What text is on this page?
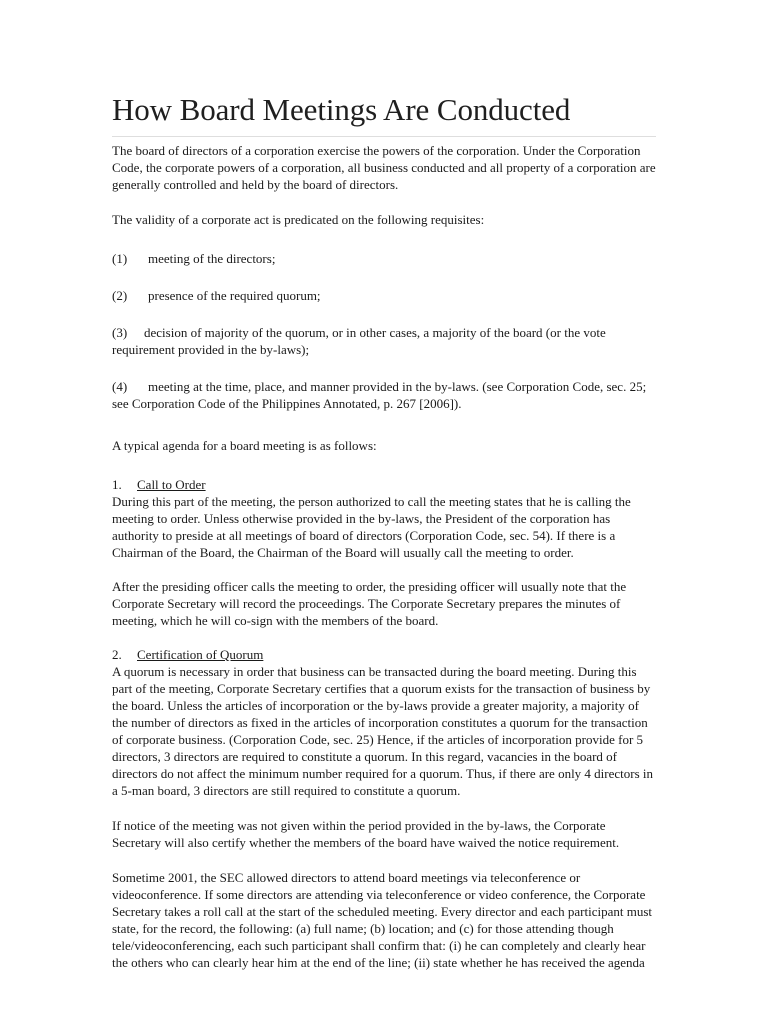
How Board Meetings Are Conducted

The board of directors of a corporation exercise the powers of the corporation. Under the Corporation Code, the corporate powers of a corporation, all business conducted and all property of a corporation are generally controlled and held by the board of directors.

The validity of a corporate act is predicated on the following requisites:

(1) meeting of the directors;

(2) presence of the required quorum;

(3) decision of majority of the quorum, or in other cases, a majority of the board (or the vote requirement provided in the by-laws);

(4) meeting at the time, place, and manner provided in the by-laws. (see Corporation Code, sec. 25; see Corporation Code of the Philippines Annotated, p. 267 [2006]).

A typical agenda for a board meeting is as follows:

1. Call to Order

During this part of the meeting, the person authorized to call the meeting states that he is calling the meeting to order. Unless otherwise provided in the by-laws, the President of the corporation has authority to preside at all meetings of board of directors (Corporation Code, sec. 54). If there is a Chairman of the Board, the Chairman of the Board will usually call the meeting to order.

After the presiding officer calls the meeting to order, the presiding officer will usually note that the Corporate Secretary will record the proceedings. The Corporate Secretary prepares the minutes of meeting, which he will co-sign with the members of the board.

2. Certification of Quorum

A quorum is necessary in order that business can be transacted during the board meeting. During this part of the meeting, Corporate Secretary certifies that a quorum exists for the transaction of business by the board. Unless the articles of incorporation or the by-laws provide a greater majority, a majority of the number of directors as fixed in the articles of incorporation constitutes a quorum for the transaction of corporate business. (Corporation Code, sec. 25) Hence, if the articles of incorporation provide for 5 directors, 3 directors are required to constitute a quorum. In this regard, vacancies in the board of directors do not affect the minimum number required for a quorum. Thus, if there are only 4 directors in a 5-man board, 3 directors are still required to constitute a quorum.

If notice of the meeting was not given within the period provided in the by-laws, the Corporate Secretary will also certify whether the members of the board have waived the notice requirement.

Sometime 2001, the SEC allowed directors to attend board meetings via teleconference or videoconference. If some directors are attending via teleconference or video conference, the Corporate Secretary takes a roll call at the start of the scheduled meeting. Every director and each participant must state, for the record, the following: (a) full name; (b) location; and (c) for those attending though tele/videoconferencing, each such participant shall confirm that: (i) he can completely and clearly hear the others who can clearly hear him at the end of the line; (ii) state whether he has received the agenda
